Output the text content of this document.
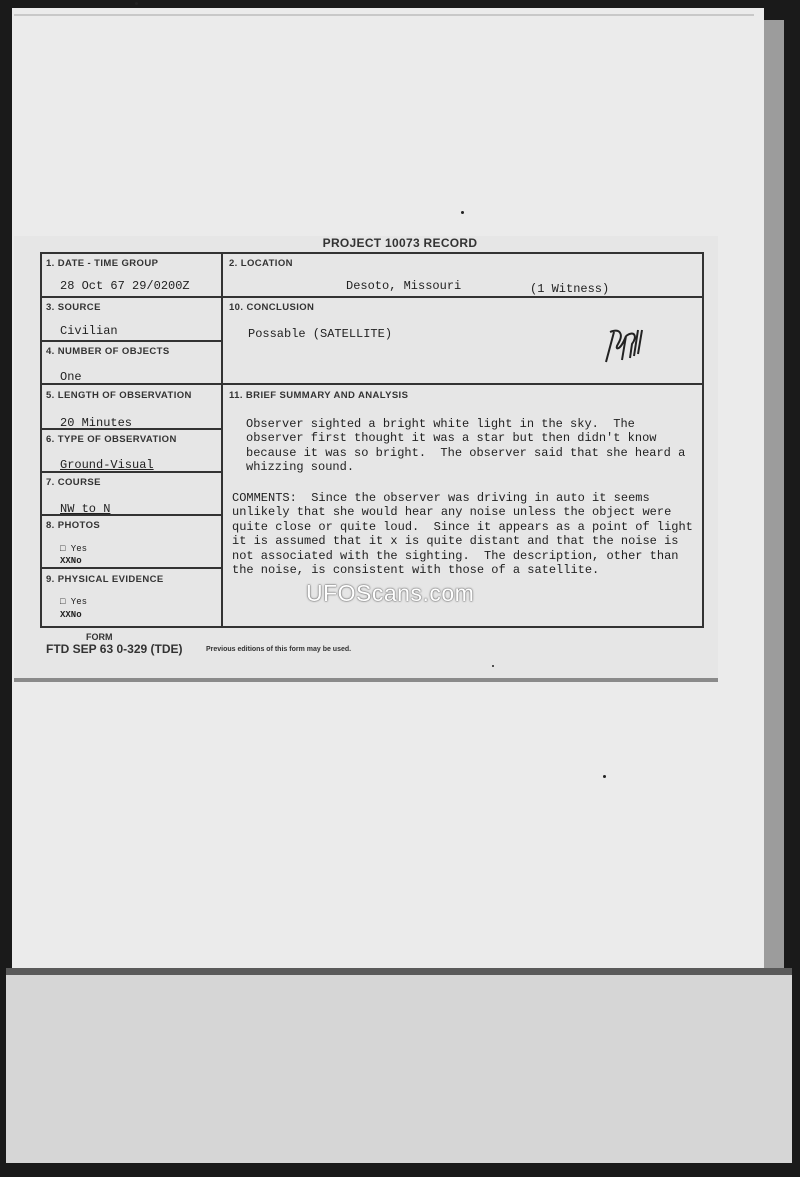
PROJECT 10073 RECORD
1. DATE - TIME GROUP
28 Oct 67 29/0200Z
2. LOCATION
Desoto, Missouri	(1 Witness)
3. SOURCE
Civilian
10. CONCLUSION
Possable (SATELLITE)
4. NUMBER OF OBJECTS
One
5. LENGTH OF OBSERVATION
20 Minutes
11. BRIEF SUMMARY AND ANALYSIS
Observer sighted a bright white light in the sky.  The
observer first thought it was a star but then didn't know
because it was so bright.  The observer said that she heard a
whizzing sound.
COMMENTS:  Since the observer was driving in auto it seems
unlikely that she would hear any noise unless the object were
quite close or quite loud.  Since it appears as a point of light
it is assumed that it x is quite distant and that the noise is
not associated with the sighting.  The description, other than
the noise, is consistent with those of a satellite.
6. TYPE OF OBSERVATION
Ground-Visual
7. COURSE
NW to N
8. PHOTOS
□ Yes
XXNo
9. PHYSICAL EVIDENCE
□ Yes
XXNo
FORM
FTD SEP 63 0-329 (TDE)	Previous editions of this form may be used.
UFOScans.com
